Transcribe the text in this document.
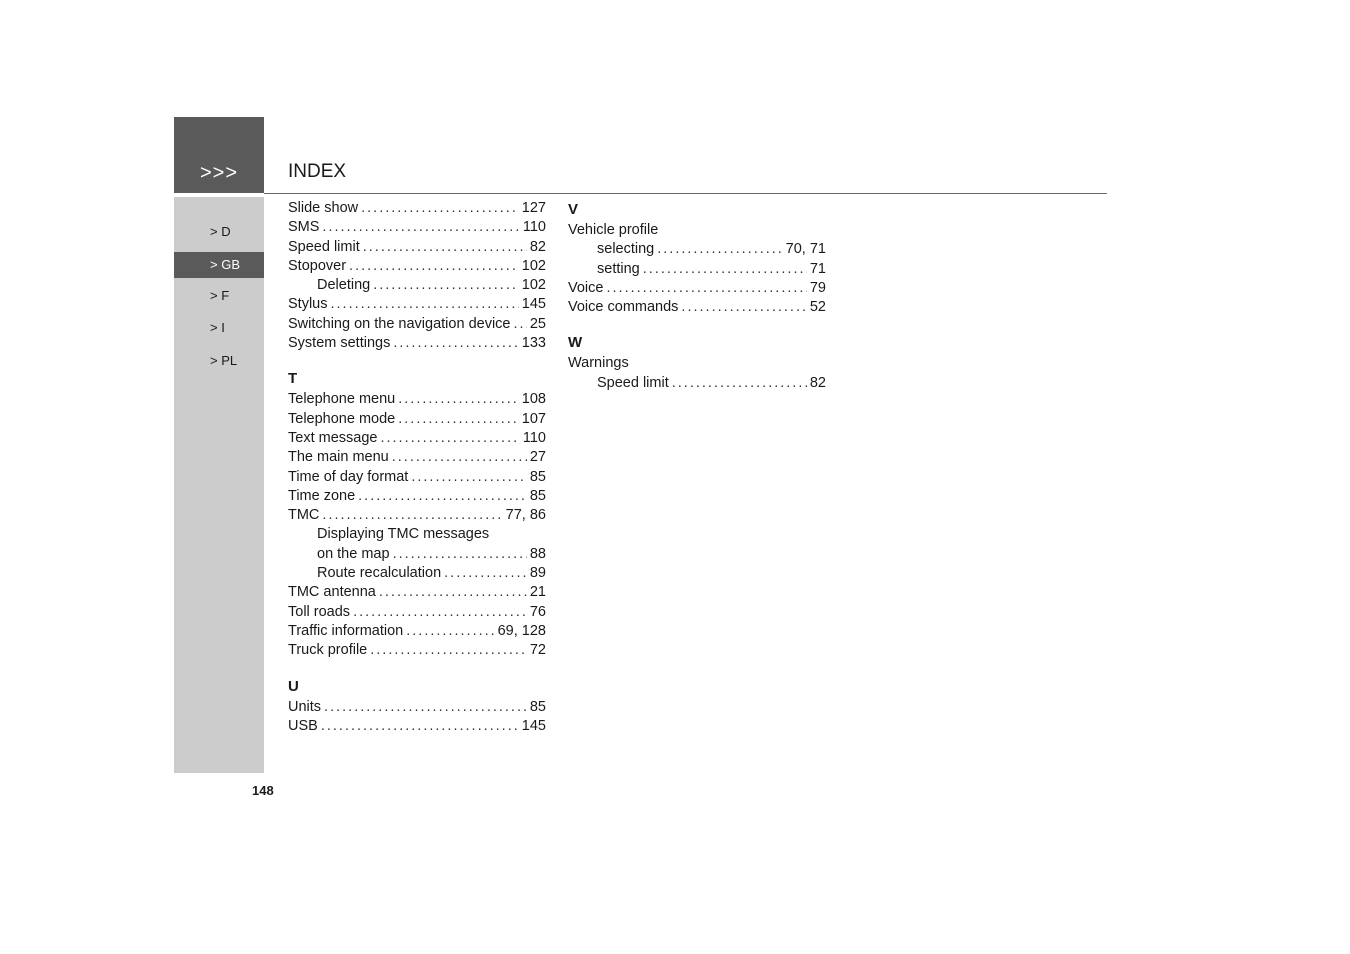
>>>	INDEX
> D
> GB
> F
> I
> PL
Slide show .....	127
SMS .....	110
Speed limit .....	82
Stopover .....	102
Deleting .....	102
Stylus .....	145
Switching on the navigation device ..... 25
System settings .....	133
T
Telephone menu .....	108
Telephone mode .....	107
Text message .....	110
The main menu .....	27
Time of day format .....	85
Time zone .....	85
TMC .....	77, 86
Displaying TMC messages
on the map .....	88
Route recalculation .....	89
TMC antenna .....	21
Toll roads .....	76
Traffic information .....	69, 128
Truck profile .....	72
U
Units .....	85
USB .....	145
V
Vehicle profile
selecting .....	70, 71
setting .....	71
Voice .....	79
Voice commands .....	52
W
Warnings
Speed limit .....	82
148
